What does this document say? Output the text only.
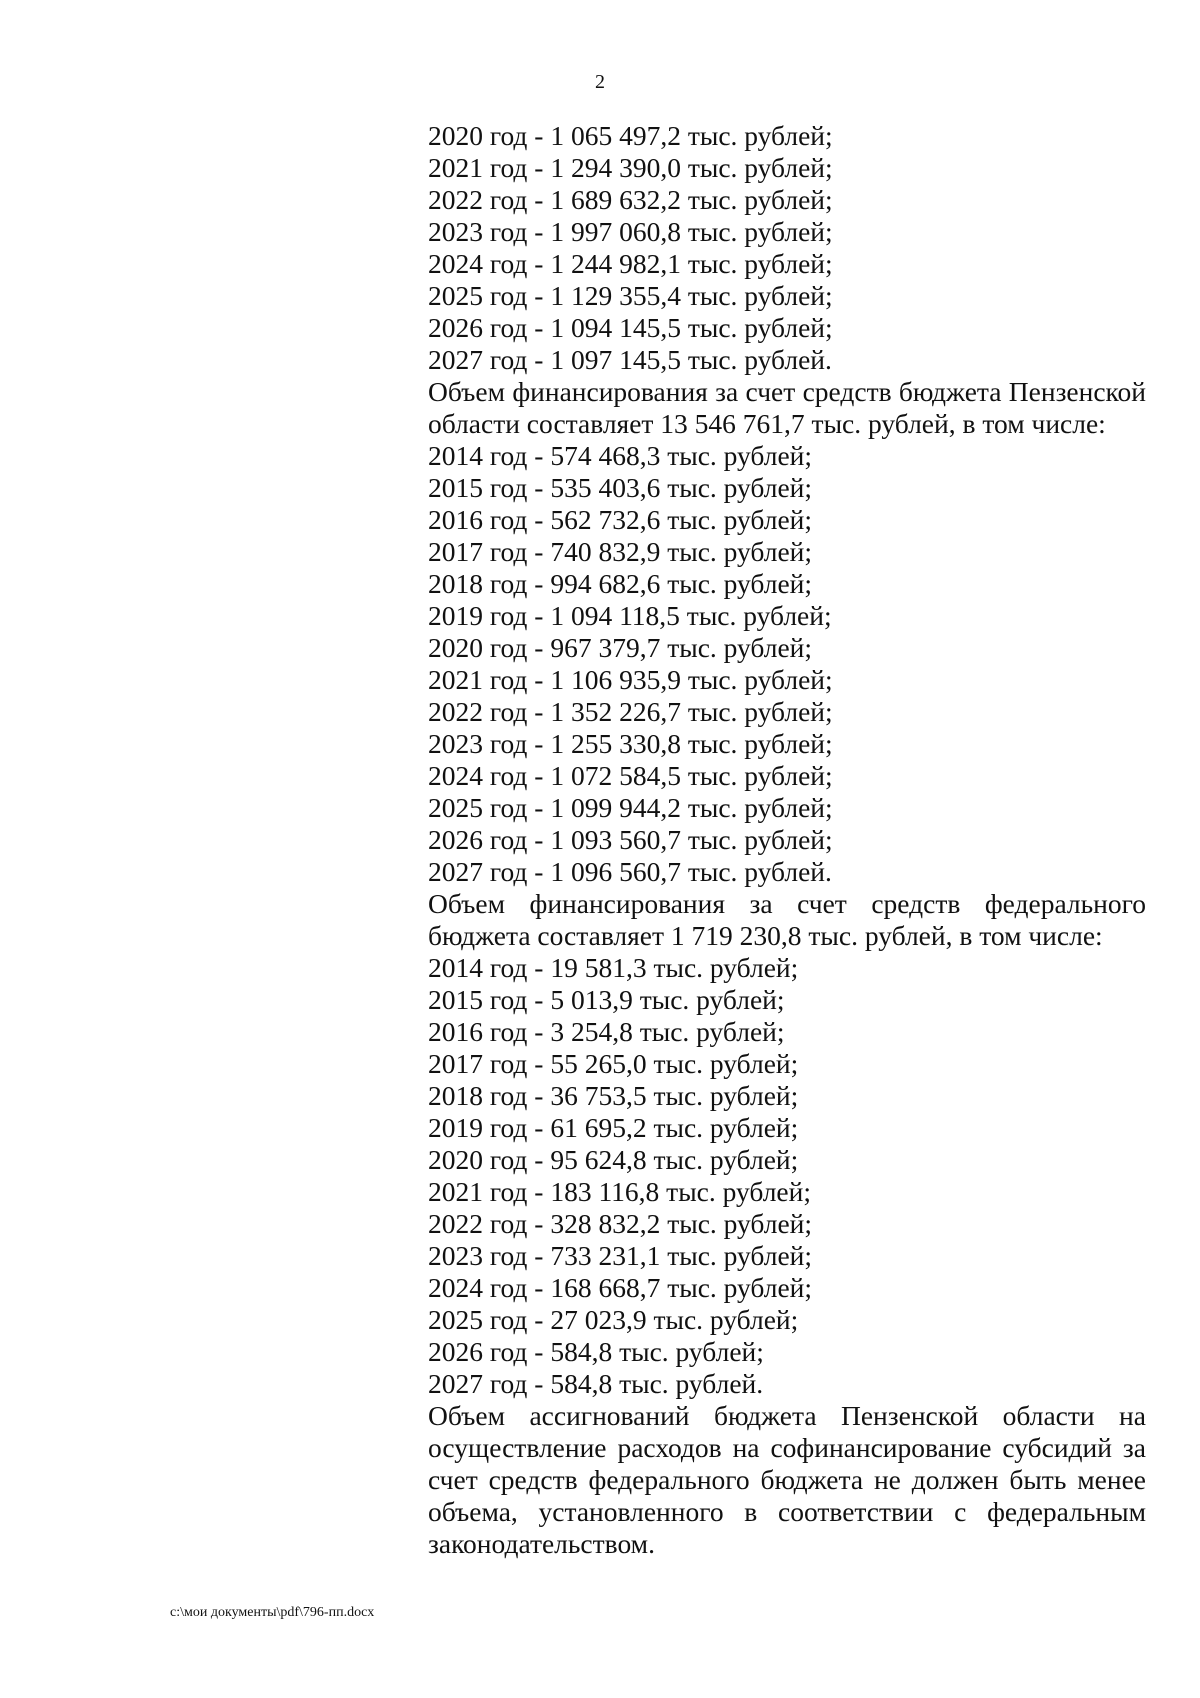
2
2020 год - 1 065 497,2 тыс. рублей;
2021 год - 1 294 390,0 тыс. рублей;
2022 год - 1 689 632,2 тыс. рублей;
2023 год - 1 997 060,8 тыс. рублей;
2024 год - 1 244 982,1 тыс. рублей;
2025 год - 1 129 355,4 тыс. рублей;
2026 год - 1 094 145,5 тыс. рублей;
2027 год - 1 097 145,5 тыс. рублей.
Объем финансирования за счет средств бюджета Пензенской области составляет 13 546 761,7 тыс. рублей, в том числе:
2014 год - 574 468,3 тыс. рублей;
2015 год - 535 403,6 тыс. рублей;
2016 год - 562 732,6 тыс. рублей;
2017 год - 740 832,9 тыс. рублей;
2018 год - 994 682,6 тыс. рублей;
2019 год - 1 094 118,5 тыс. рублей;
2020 год - 967 379,7 тыс. рублей;
2021 год - 1 106 935,9 тыс. рублей;
2022 год - 1 352 226,7 тыс. рублей;
2023 год - 1 255 330,8 тыс. рублей;
2024 год - 1 072 584,5 тыс. рублей;
2025 год - 1 099 944,2 тыс. рублей;
2026 год - 1 093 560,7 тыс. рублей;
2027 год - 1 096 560,7 тыс. рублей.
Объем финансирования за счет средств федерального бюджета составляет 1 719 230,8 тыс. рублей, в том числе:
2014 год - 19 581,3 тыс. рублей;
2015 год - 5 013,9 тыс. рублей;
2016 год - 3 254,8 тыс. рублей;
2017 год - 55 265,0 тыс. рублей;
2018 год - 36 753,5 тыс. рублей;
2019 год - 61 695,2 тыс. рублей;
2020 год - 95 624,8 тыс. рублей;
2021 год - 183 116,8 тыс. рублей;
2022 год - 328 832,2 тыс. рублей;
2023 год - 733 231,1 тыс. рублей;
2024 год - 168 668,7 тыс. рублей;
2025 год - 27 023,9 тыс. рублей;
2026 год - 584,8 тыс. рублей;
2027 год - 584,8 тыс. рублей.
Объем ассигнований бюджета Пензенской области на осуществление расходов на софинансирование субсидий за счет средств федерального бюджета не должен быть менее объема, установленного в соответствии с федеральным законодательством.
c:\мои документы\pdf\796-пп.docx
